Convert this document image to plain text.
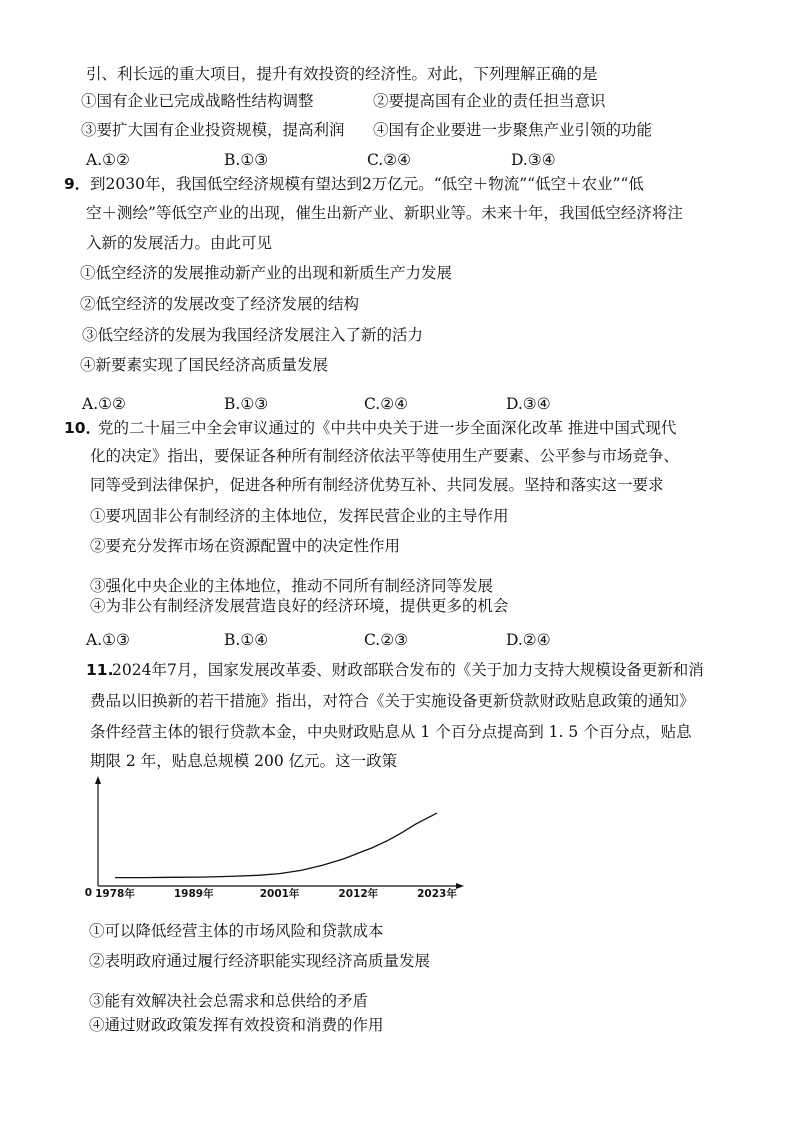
引、利长远的重大项目，提升有效投资的经济性。对此，下列理解正确的是
①国有企业已完成战略性结构调整	②要提高国有企业的责任担当意识
③要扩大国有企业投资规模，提高利润 ④国有企业要进一步聚焦产业引领的功能
A.①②	B.①③	C.②④	D.③④
9． 到2030年，我国低空经济规模有望达到2万亿元。“低空＋物流”“低空＋农业”“低
空＋测绘”等低空产业的出现，催生出新产业、新职业等。未来十年，我国低空经济将注
入新的发展活力。由此可见
①低空经济的发展推动新产业的出现和新质生产力发展
②低空经济的发展改变了经济发展的结构
③低空经济的发展为我国经济发展注入了新的活力
④新要素实现了国民经济高质量发展
A.①②	B.①③	C.②④	D.③④
10．
党的二十届三中全会审议通过的《中共中央关于进一步全面深化改革 推进中国式现代
化的决定》指出，要保证各种所有制经济依法平等使用生产要素、公平参与市场竞争、
同等受到法律保护，促进各种所有制经济优势互补、共同发展。坚持和落实这一要求
①要巩固非公有制经济的主体地位，发挥民营企业的主导作用
②要充分发挥市场在资源配置中的决定性作用
③强化中央企业的主体地位，推动不同所有制经济同等发展
④为非公有制经济发展营造良好的经济环境，提供更多的机会
A.①③	B.①④	C.②③	D.②④
11.
2024年7月，国家发展改革委、财政部联合发布的《关于加力支持大规模设备更新和消
费品以旧换新的若干措施》指出，对符合《关于实施设备更新贷款财政贴息政策的通知》
条件经营主体的银行贷款本金，中央财政贴息从 1 个百分点提高到 1. 5 个百分点，贴息
期限 2 年，贴息总规模 200 亿元。这一政策
0 1978年	1989年	2001年	2012年	2023年
①可以降低经营主体的市场风险和贷款成本
②表明政府通过履行经济职能实现经济高质量发展
③能有效解决社会总需求和总供给的矛盾
④通过财政政策发挥有效投资和消费的作用
